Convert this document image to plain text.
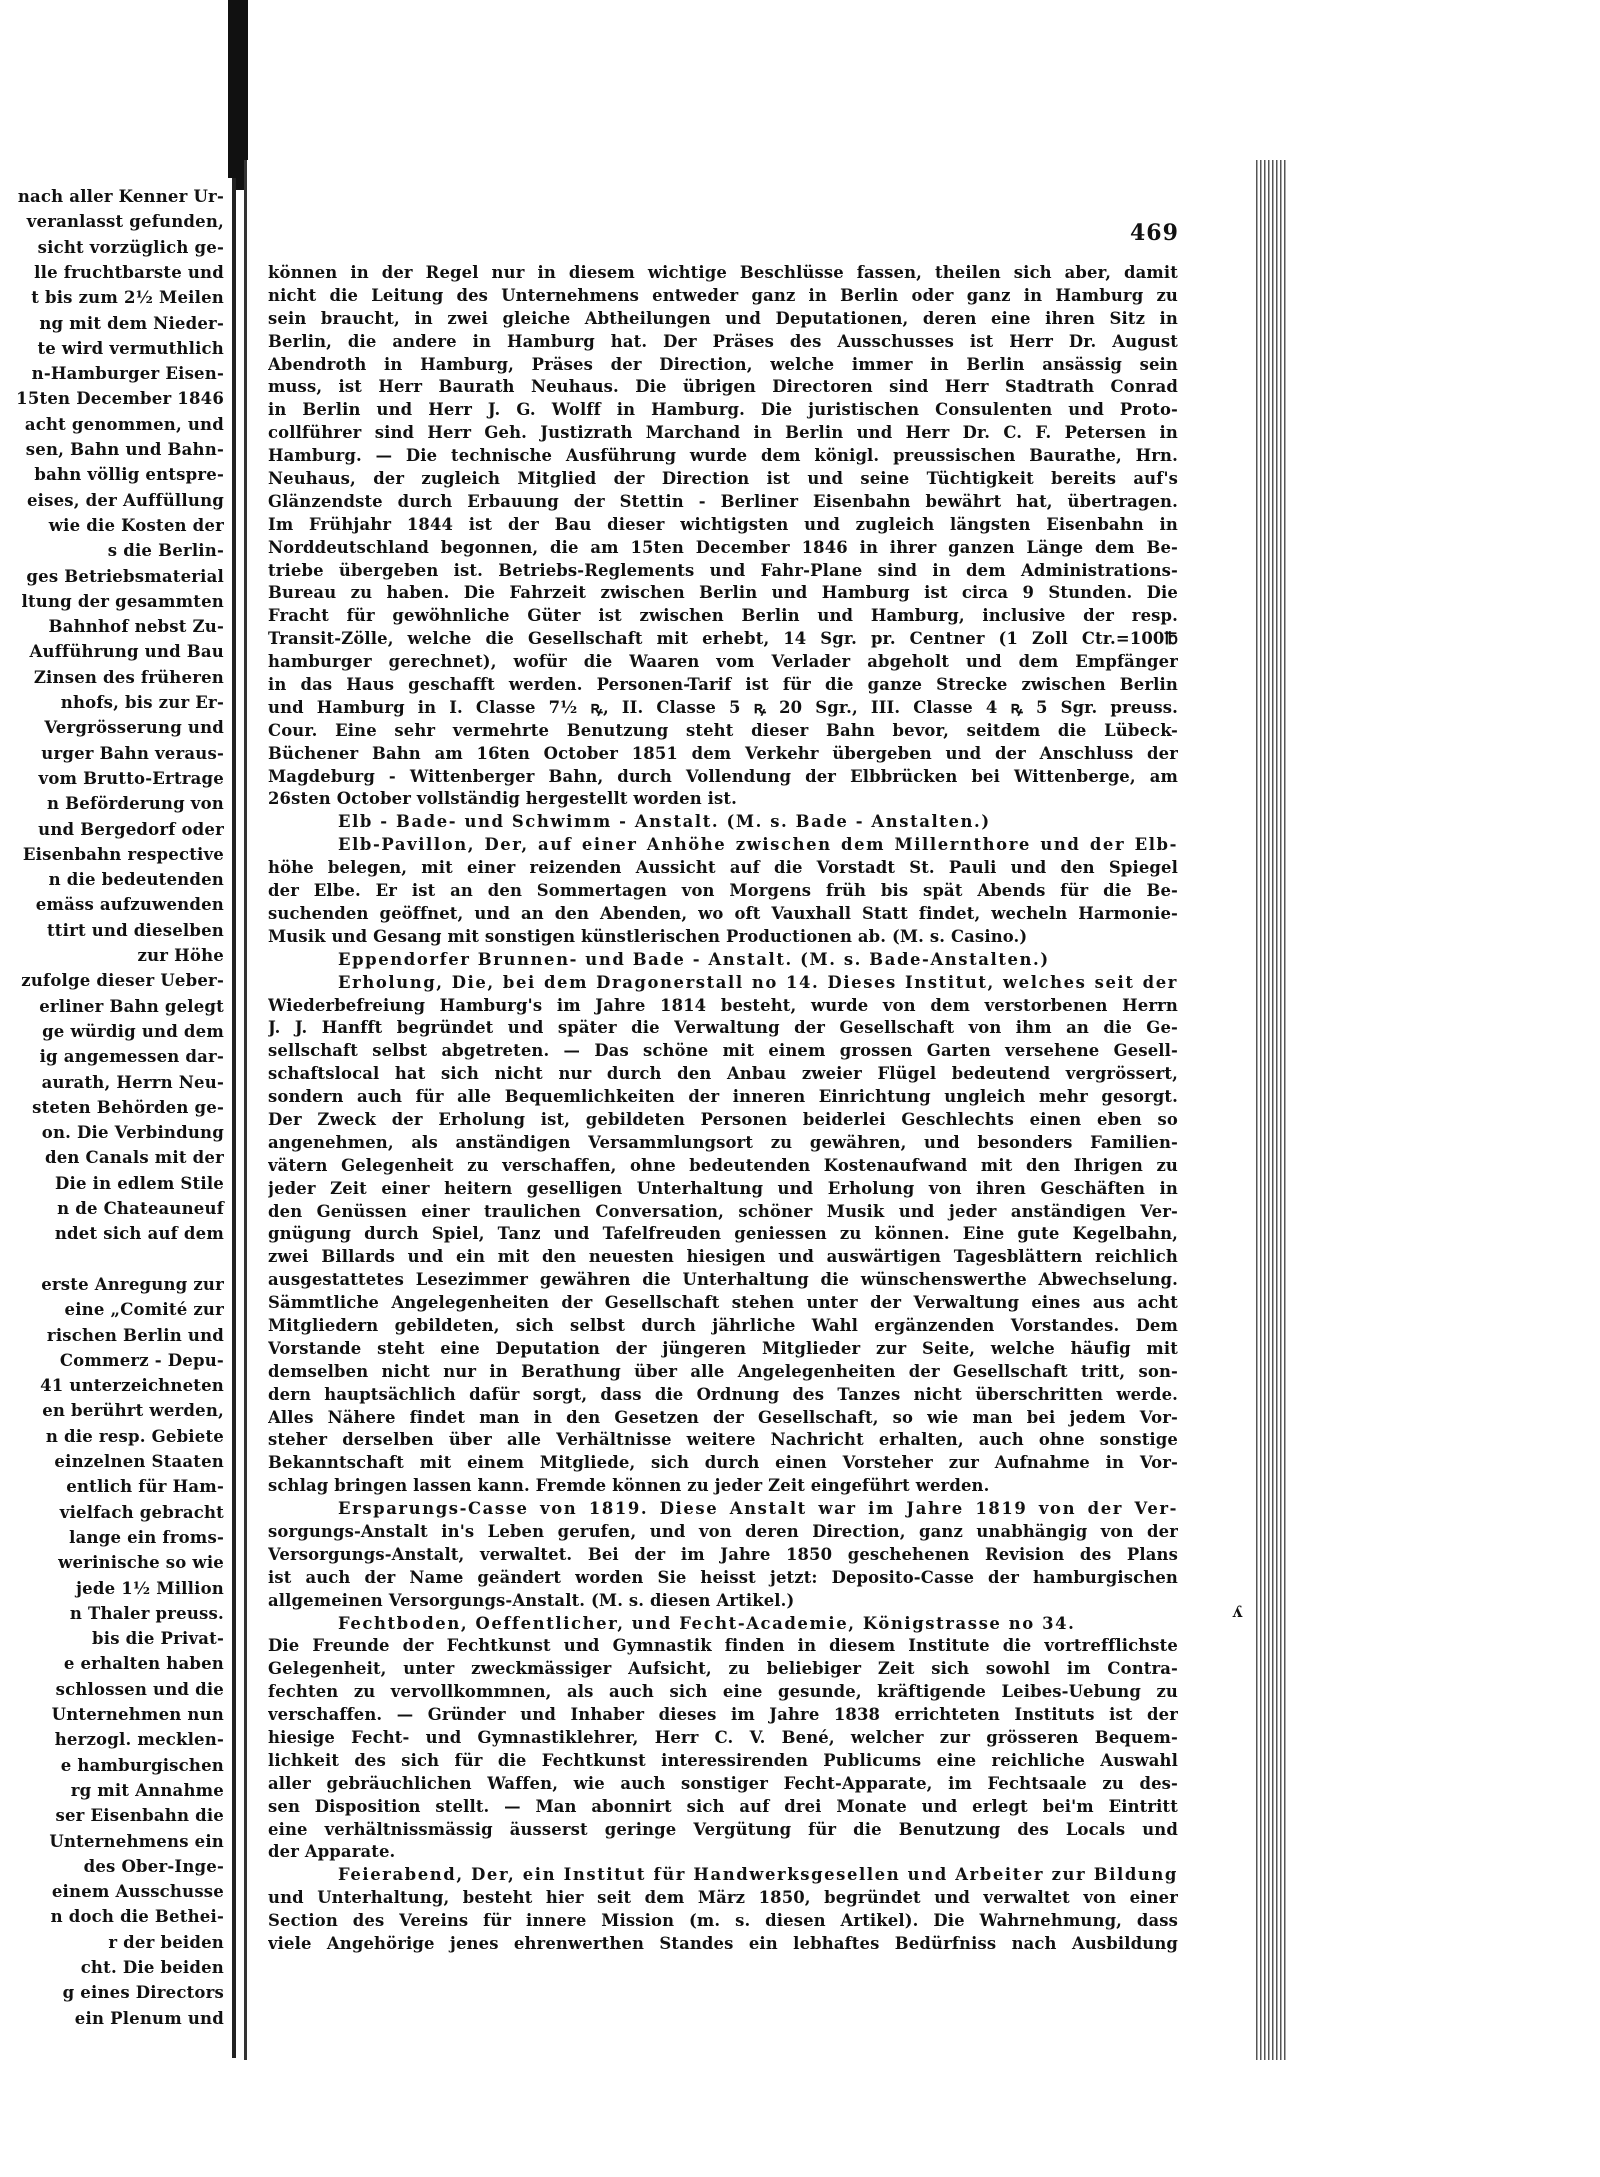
nach aller Kenner Ur-
veranlasst gefunden,
sicht vorzüglich ge-
lle fruchtbarste und
t bis zum 2½ Meilen
ng mit dem Nieder-
te wird vermuthlich
n-Hamburger Eisen-
15ten December 1846
acht genommen, und
sen, Bahn und Bahn-
bahn völlig entspre-
eises, der Auffüllung
wie die Kosten der
s die Berlin-
ges Betriebsmaterial
ltung der gesammten
Bahnhof nebst Zu-
Aufführung und Bau
Zinsen des früheren
nhofs, bis zur Er-
Vergrösserung und
urger Bahn veraus-
vom Brutto-Ertrage
n Beförderung von
und Bergedorf oder
Eisenbahn respective
n die bedeutenden
emäss aufzuwenden
ttirt und dieselben
zur Höhe
zufolge dieser Ueber-
erliner Bahn gelegt
ge würdig und dem
ig angemessen dar-
aurath, Herrn Neu-
steten Behörden ge-
on. Die Verbindung
den Canals mit der
Die in edlem Stile
n de Chateauneuf
ndet sich auf dem
erste Anregung zur
eine „Comité zur
rischen Berlin und
Commerz - Depu-
41 unterzeichneten
en berührt werden,
n die resp. Gebiete
einzelnen Staaten
entlich für Ham-
vielfach gebracht
lange ein froms-
werinische so wie
jede 1½ Million
n Thaler preuss.
bis die Privat-
e erhalten haben
schlossen und die
Unternehmen nun
herzogl. mecklen-
e hamburgischen
rg mit Annahme
ser Eisenbahn die
Unternehmens ein
des Ober-Inge-
einem Ausschusse
n doch die Bethei-
r der beiden
cht. Die beiden
g eines Directors
ein Plenum und
469
können in der Regel nur in diesem wichtige Beschlüsse fassen, theilen sich aber, damit
nicht die Leitung des Unternehmens entweder ganz in Berlin oder ganz in Hamburg zu
sein braucht, in zwei gleiche Abtheilungen und Deputationen, deren eine ihren Sitz in
Berlin, die andere in Hamburg hat. Der Präses des Ausschusses ist Herr Dr. August
Abendroth in Hamburg, Präses der Direction, welche immer in Berlin ansässig sein
muss, ist Herr Baurath Neuhaus. Die übrigen Directoren sind Herr Stadtrath Conrad
in Berlin und Herr J. G. Wolff in Hamburg. Die juristischen Consulenten und Proto-
collführer sind Herr Geh. Justizrath Marchand in Berlin und Herr Dr. C. F. Petersen in
Hamburg. — Die technische Ausführung wurde dem königl. preussischen Baurathe, Hrn.
Neuhaus, der zugleich Mitglied der Direction ist und seine Tüchtigkeit bereits auf's
Glänzendste durch Erbauung der Stettin - Berliner Eisenbahn bewährt hat, übertragen.
Im Frühjahr 1844 ist der Bau dieser wichtigsten und zugleich längsten Eisenbahn in
Norddeutschland begonnen, die am 15ten December 1846 in ihrer ganzen Länge dem Be-
triebe übergeben ist. Betriebs-Reglements und Fahr-Plane sind in dem Administrations-
Bureau zu haben. Die Fahrzeit zwischen Berlin und Hamburg ist circa 9 Stunden. Die
Fracht für gewöhnliche Güter ist zwischen Berlin und Hamburg, inclusive der resp.
Transit-Zölle, welche die Gesellschaft mit erhebt, 14 Sgr. pr. Centner (1 Zoll Ctr.=100℔
hamburger gerechnet), wofür die Waaren vom Verlader abgeholt und dem Empfänger
in das Haus geschafft werden. Personen-Tarif ist für die ganze Strecke zwischen Berlin
und Hamburg in I. Classe 7½ ꝶ, II. Classe 5 ꝶ 20 Sgr., III. Classe 4 ꝶ 5 Sgr. preuss.
Cour. Eine sehr vermehrte Benutzung steht dieser Bahn bevor, seitdem die Lübeck-
Büchener Bahn am 16ten October 1851 dem Verkehr übergeben und der Anschluss der
Magdeburg - Wittenberger Bahn, durch Vollendung der Elbbrücken bei Wittenberge, am
26sten October vollständig hergestellt worden ist.
Elb - Bade- und Schwimm - Anstalt. (M. s. Bade - Anstalten.)
Elb-Pavillon, Der, auf einer Anhöhe zwischen dem Millernthore und der Elb-
höhe belegen, mit einer reizenden Aussicht auf die Vorstadt St. Pauli und den Spiegel
der Elbe. Er ist an den Sommertagen von Morgens früh bis spät Abends für die Be-
suchenden geöffnet, und an den Abenden, wo oft Vauxhall Statt findet, wecheln Harmonie-
Musik und Gesang mit sonstigen künstlerischen Productionen ab. (M. s. Casino.)
Eppendorfer Brunnen- und Bade - Anstalt. (M. s. Bade-Anstalten.)
Erholung, Die, bei dem Dragonerstall no 14. Dieses Institut, welches seit der
Wiederbefreiung Hamburg's im Jahre 1814 besteht, wurde von dem verstorbenen Herrn
J. J. Hanfft begründet und später die Verwaltung der Gesellschaft von ihm an die Ge-
sellschaft selbst abgetreten. — Das schöne mit einem grossen Garten versehene Gesell-
schaftslocal hat sich nicht nur durch den Anbau zweier Flügel bedeutend vergrössert,
sondern auch für alle Bequemlichkeiten der inneren Einrichtung ungleich mehr gesorgt.
Der Zweck der Erholung ist, gebildeten Personen beiderlei Geschlechts einen eben so
angenehmen, als anständigen Versammlungsort zu gewähren, und besonders Familien-
vätern Gelegenheit zu verschaffen, ohne bedeutenden Kostenaufwand mit den Ihrigen zu
jeder Zeit einer heitern geselligen Unterhaltung und Erholung von ihren Geschäften in
den Genüssen einer traulichen Conversation, schöner Musik und jeder anständigen Ver-
gnügung durch Spiel, Tanz und Tafelfreuden geniessen zu können. Eine gute Kegelbahn,
zwei Billards und ein mit den neuesten hiesigen und auswärtigen Tagesblättern reichlich
ausgestattetes Lesezimmer gewähren die Unterhaltung die wünschenswerthe Abwechselung.
Sämmtliche Angelegenheiten der Gesellschaft stehen unter der Verwaltung eines aus acht
Mitgliedern gebildeten, sich selbst durch jährliche Wahl ergänzenden Vorstandes. Dem
Vorstande steht eine Deputation der jüngeren Mitglieder zur Seite, welche häufig mit
demselben nicht nur in Berathung über alle Angelegenheiten der Gesellschaft tritt, son-
dern hauptsächlich dafür sorgt, dass die Ordnung des Tanzes nicht überschritten werde.
Alles Nähere findet man in den Gesetzen der Gesellschaft, so wie man bei jedem Vor-
steher derselben über alle Verhältnisse weitere Nachricht erhalten, auch ohne sonstige
Bekanntschaft mit einem Mitgliede, sich durch einen Vorsteher zur Aufnahme in Vor-
schlag bringen lassen kann. Fremde können zu jeder Zeit eingeführt werden.
Ersparungs-Casse von 1819. Diese Anstalt war im Jahre 1819 von der Ver-
sorgungs-Anstalt in's Leben gerufen, und von deren Direction, ganz unabhängig von der
Versorgungs-Anstalt, verwaltet. Bei der im Jahre 1850 geschehenen Revision des Plans
ist auch der Name geändert worden Sie heisst jetzt: Deposito-Casse der hamburgischen
allgemeinen Versorgungs-Anstalt. (M. s. diesen Artikel.)
Fechtboden, Oeffentlicher, und Fecht-Academie, Königstrasse no 34.
Die Freunde der Fechtkunst und Gymnastik finden in diesem Institute die vortrefflichste
Gelegenheit, unter zweckmässiger Aufsicht, zu beliebiger Zeit sich sowohl im Contra-
fechten zu vervollkommnen, als auch sich eine gesunde, kräftigende Leibes-Uebung zu
verschaffen. — Gründer und Inhaber dieses im Jahre 1838 errichteten Instituts ist der
hiesige Fecht- und Gymnastiklehrer, Herr C. V. Bené, welcher zur grösseren Bequem-
lichkeit des sich für die Fechtkunst interessirenden Publicums eine reichliche Auswahl
aller gebräuchlichen Waffen, wie auch sonstiger Fecht-Apparate, im Fechtsaale zu des-
sen Disposition stellt. — Man abonnirt sich auf drei Monate und erlegt bei'm Eintritt
eine verhältnissmässig äusserst geringe Vergütung für die Benutzung des Locals und
der Apparate.
Feierabend, Der, ein Institut für Handwerksgesellen und Arbeiter zur Bildung
und Unterhaltung, besteht hier seit dem März 1850, begründet und verwaltet von einer
Section des Vereins für innere Mission (m. s. diesen Artikel). Die Wahrnehmung, dass
viele Angehörige jenes ehrenwerthen Standes ein lebhaftes Bedürfniss nach Ausbildung
ʎ
